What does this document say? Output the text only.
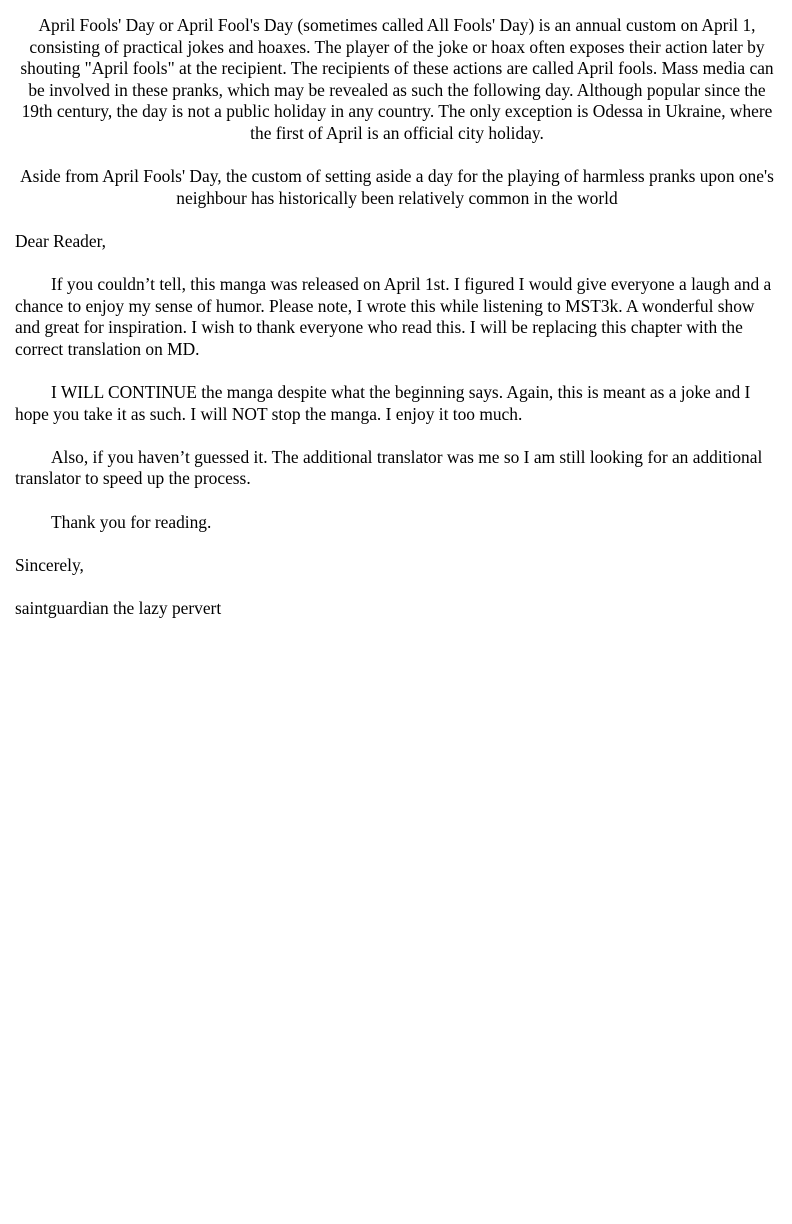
April Fools' Day or April Fool's Day (sometimes called All Fools' Day) is an annual custom on April 1, consisting of practical jokes and hoaxes. The player of the joke or hoax often exposes their action later by shouting "April fools" at the recipient. The recipients of these actions are called April fools. Mass media can be involved in these pranks, which may be revealed as such the following day. Although popular since the 19th century, the day is not a public holiday in any country. The only exception is Odessa in Ukraine, where the first of April is an official city holiday.

Aside from April Fools' Day, the custom of setting aside a day for the playing of harmless pranks upon one's neighbour has historically been relatively common in the world

Dear Reader,

If you couldn’t tell, this manga was released on April 1st. I figured I would give everyone a laugh and a chance to enjoy my sense of humor. Please note, I wrote this while listening to MST3k. A wonderful show and great for inspiration. I wish to thank everyone who read this. I will be replacing this chapter with the correct translation on MD.

I WILL CONTINUE the manga despite what the beginning says. Again, this is meant as a joke and I hope you take it as such. I will NOT stop the manga. I enjoy it too much.

Also, if you haven’t guessed it. The additional translator was me so I am still looking for an additional translator to speed up the process.

Thank you for reading.

Sincerely,

saintguardian the lazy pervert
